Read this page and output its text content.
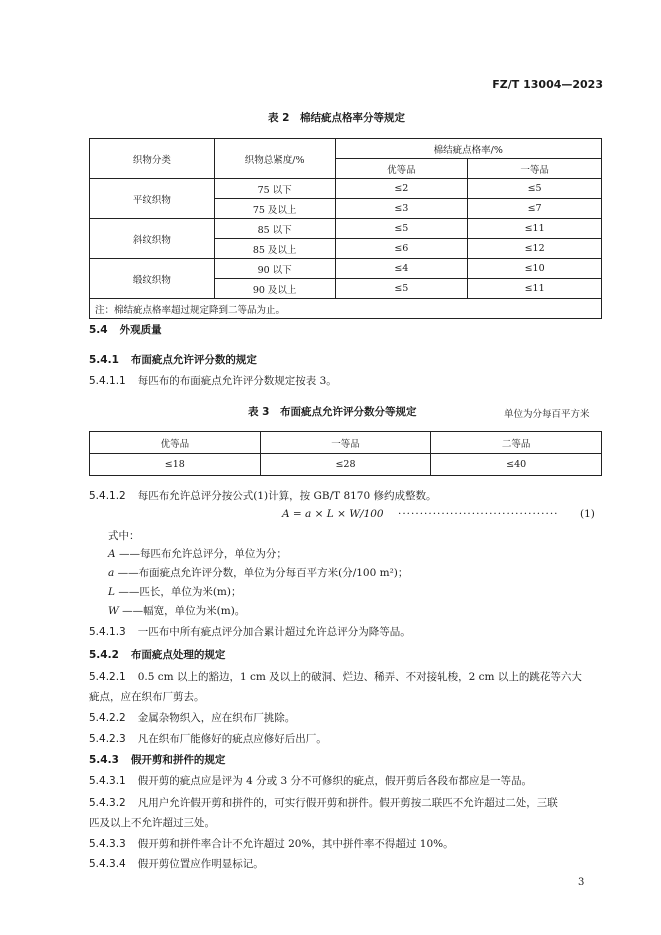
FZ/T 13004—2023
表 2　棉结疵点格率分等规定
织物分类	织物总紧度/%	棉结疵点格率/%	
		优等品	一等品
平纹织物	75 以下	≤2	≤5
	75 及以上	≤3	≤7
斜纹织物	85 以下	≤5	≤11
	85 及以上	≤6	≤12
缎纹织物	90 以下	≤4	≤10
	90 及以上	≤5	≤11
注：棉结疵点格率超过规定降到二等品为止。			
5.4 外观质量
5.4.1 布面疵点允许评分数的规定
5.4.1.1 每匹布的布面疵点允许评分数规定按表 3。
表 3　布面疵点允许评分数分等规定	单位为分每百平方米
优等品	一等品	二等品
≤18	≤28	≤40
5.4.1.2 每匹布允许总评分按公式(1)计算，按 GB/T 8170 修约成整数。
A = a × L × W/100 ····································· (1)
式中：
A ——每匹布允许总评分，单位为分；
a ——布面疵点允许评分数，单位为分每百平方米(分/100 m²)；
L ——匹长，单位为米(m)；
W ——幅宽，单位为米(m)。
5.4.1.3 一匹布中所有疵点评分加合累计超过允许总评分为降等品。
5.4.2 布面疵点处理的规定
5.4.2.1 0.5 cm 以上的豁边，1 cm 及以上的破洞、烂边、稀弄、不对接轧梭，2 cm 以上的跳花等六大
疵点，应在织布厂剪去。
5.4.2.2 金属杂物织入，应在织布厂挑除。
5.4.2.3 凡在织布厂能修好的疵点应修好后出厂。
5.4.3 假开剪和拼件的规定
5.4.3.1 假开剪的疵点应是评为 4 分或 3 分不可修织的疵点，假开剪后各段布都应是一等品。
5.4.3.2 凡用户允许假开剪和拼件的，可实行假开剪和拼件。假开剪按二联匹不允许超过二处，三联
匹及以上不允许超过三处。
5.4.3.3 假开剪和拼件率合计不允许超过 20%，其中拼件率不得超过 10%。
5.4.3.4 假开剪位置应作明显标记。
3
